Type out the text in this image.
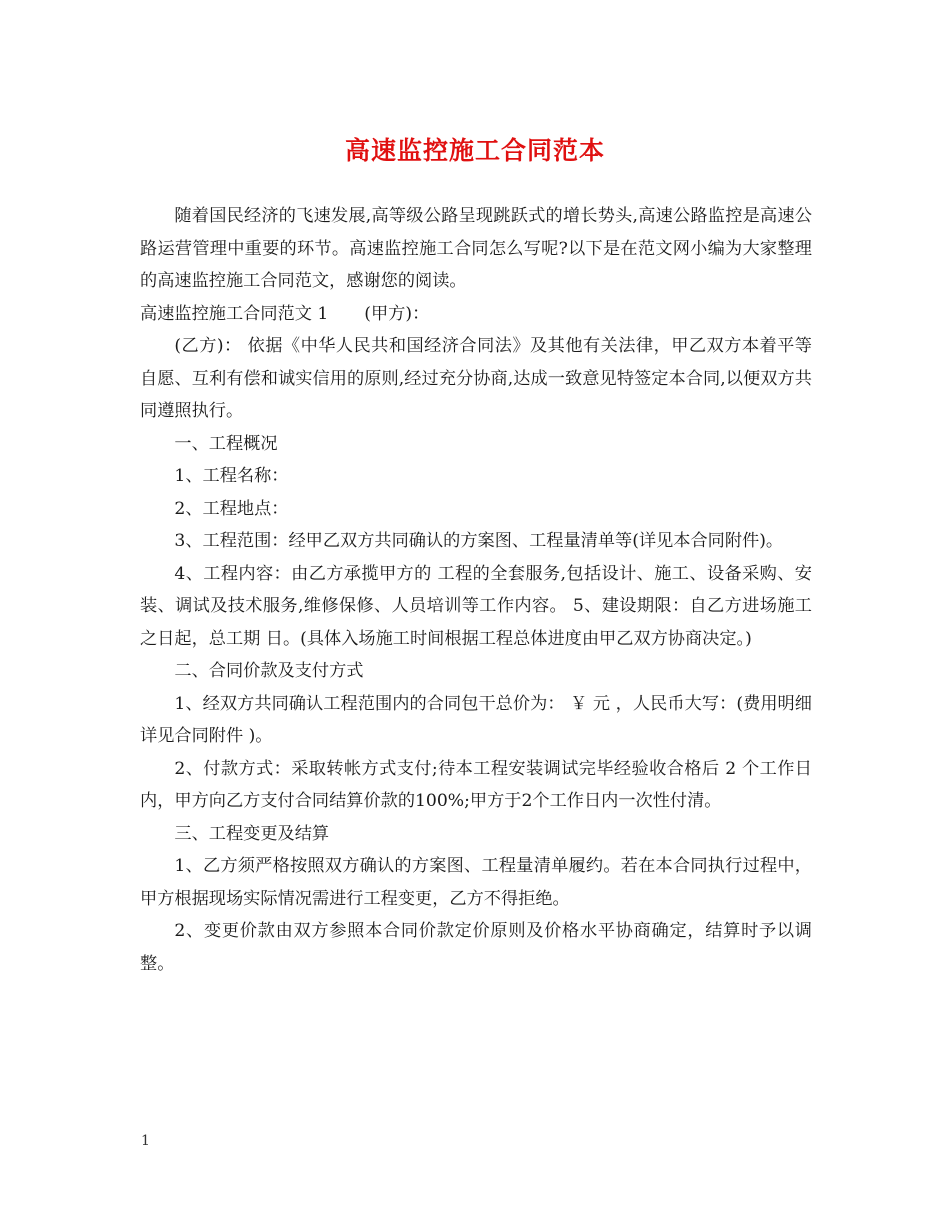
高速监控施工合同范本

随着国民经济的飞速发展,高等级公路呈现跳跃式的增长势头,高速公路监控是高速公路运营管理中重要的环节。高速监控施工合同怎么写呢?以下是在范文网小编为大家整理的高速监控施工合同范文，感谢您的阅读。

高速监控施工合同范文 1 (甲方)：

(乙方)： 依据《中华人民共和国经济合同法》及其他有关法律，甲乙双方本着平等自愿、互利有偿和诚实信用的原则,经过充分协商,达成一致意见特签定本合同,以便双方共同遵照执行。

一、工程概况

1、工程名称：

2、工程地点：

3、工程范围：经甲乙双方共同确认的方案图、工程量清单等(详见本合同附件)。

4、工程内容：由乙方承揽甲方的 工程的全套服务,包括设计、施工、设备采购、安装、调试及技术服务,维修保修、人员培训等工作内容。 5、建设期限：自乙方进场施工之日起，总工期 日。(具体入场施工时间根据工程总体进度由甲乙双方协商决定。)

二、合同价款及支付方式

1、经双方共同确认工程范围内的合同包干总价为： ￥ 元 ，人民币大写：(费用明细详见合同附件 )。

2、付款方式：采取转帐方式支付;待本工程安装调试完毕经验收合格后 2 个工作日内，甲方向乙方支付合同结算价款的100%;甲方于2个工作日内一次性付清。

三、工程变更及结算

1、乙方须严格按照双方确认的方案图、工程量清单履约。若在本合同执行过程中，甲方根据现场实际情况需进行工程变更，乙方不得拒绝。

2、变更价款由双方参照本合同价款定价原则及价格水平协商确定，结算时予以调整。

1
